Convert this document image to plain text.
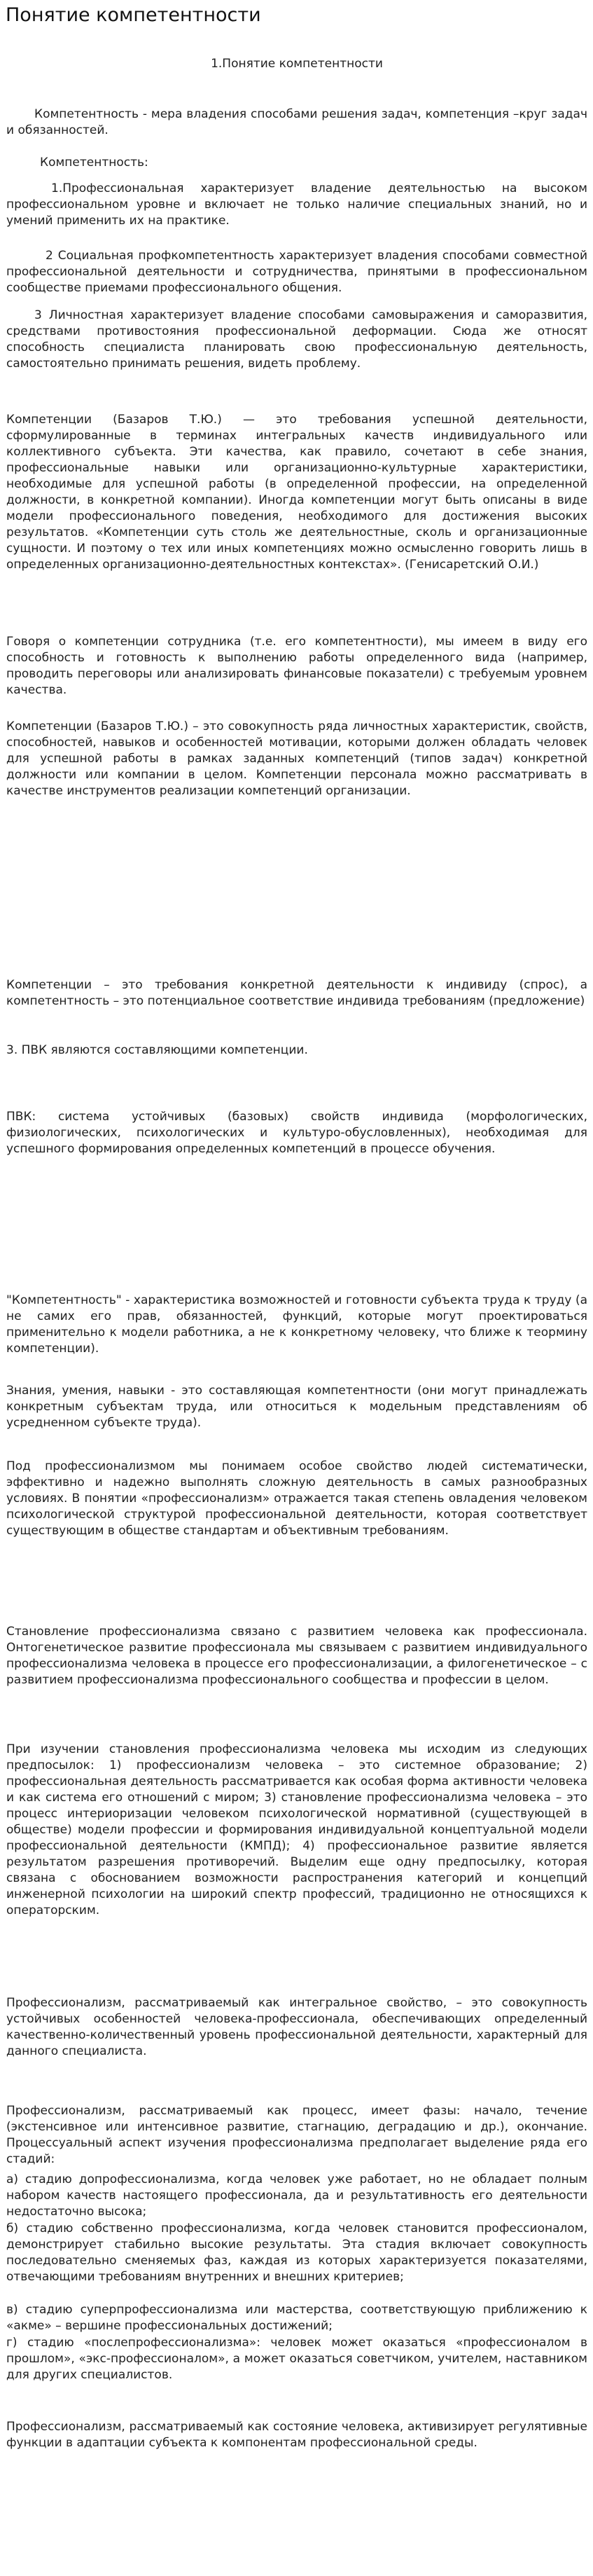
Понятие компетентности
1.Понятие компетентности
Компетентность - мера владения способами решения задач, компетенция –круг задач и обязанностей.
Компетентность:
1.Профессиональная характеризует владение деятельностью на высоком профессиональном уровне и включает не только наличие специальных знаний, но и умений применить их на практике.
2 Социальная профкомпетентность характеризует владения способами совместной профессиональной деятельности и сотрудничества, принятыми в профессиональном сообществе приемами профессионального общения.
3 Личностная характеризует владение способами самовыражения и саморазвития, средствами противостояния профессиональной деформации. Сюда же относят способность специалиста планировать свою профессиональную деятельность, самостоятельно принимать решения, видеть проблему.
Компетенции (Базаров Т.Ю.) — это требования успешной деятельности, сформулированные в терминах интегральных качеств индивидуального или коллективного субъекта. Эти качества, как правило, сочетают в себе знания, профессиональные навыки или организационно-культурные характеристики, необходимые для успешной работы (в определенной профессии, на определенной должности, в конкретной компании). Иногда компетенции могут быть описаны в виде модели профессионального поведения, необходимого для достижения высоких результатов. «Компетенции суть столь же деятельностные, сколь и организационные сущности. И поэтому о тех или иных компетенциях можно осмысленно говорить лишь в определенных организационно-деятельностных контекстах». (Генисаретский О.И.)
Говоря о компетенции сотрудника (т.е. его компетентности), мы имеем в виду его способность и готовность к выполнению работы определенного вида (например, проводить переговоры или анализировать финансовые показатели) с требуемым уровнем качества.
Компетенции (Базаров Т.Ю.) – это совокупность ряда личностных характеристик, свойств, способностей, навыков и особенностей мотивации, которыми должен обладать человек для успешной работы в рамках заданных компетенций (типов задач) конкретной должности или компании в целом. Компетенции персонала можно рассматривать в качестве инструментов реализации компетенций организации.
Компетенции – это требования конкретной деятельности к индивиду (спрос), а компетентность – это потенциальное соответствие индивида требованиям (предложение)
3. ПВК являются составляющими компетенции.
ПВК: система устойчивых (базовых) свойств индивида (морфологических, физиологических, психологических и культуро-обусловленных), необходимая для успешного формирования определенных компетенций в процессе обучения.
"Компетентность" - характеристика возможностей и готовности субъекта труда к труду (а не самих его прав, обязанностей, функций, которые могут проектироваться применительно к модели работника, а не к конкретному человеку, что ближе к теорминy компетенции).
Знания, умения, навыки - это составляющая компетентности (они могут принадлежать конкретным субъектам труда, или относиться к модельным представлениям об усредненном субъекте труда).
Под профессионализмом мы понимаем особое свойство людей систематически, эффективно и надежно выполнять сложную деятельность в самых разнообразных условиях. В понятии «профессионализм» отражается такая степень овладения человеком психологической структурой профессиональной деятельности, которая соответствует существующим в обществе стандартам и объективным требованиям.
Становление профессионализма связано с развитием человека как профессионала. Онтогенетическое развитие профессионала мы связываем с развитием индивидуального профессионализма человека в процессе его профессионализации, а филогенетическое – с развитием профессионализма профессионального сообщества и профессии в целом.
При изучении становления профессионализма человека мы исходим из следующих предпосылок: 1) профессионализм человека – это системное образование; 2) профессиональная деятельность рассматривается как особая форма активности человека и как система его отношений с миром; 3) становление профессионализма человека – это процесс интериоризации человеком психологической нормативной (существующей в обществе) модели профессии и формирования индивидуальной концептуальной модели профессиональной деятельности (КМПД); 4) профессиональное развитие является результатом разрешения противоречий. Выделим еще одну предпосылку, которая связана с обоснованием возможности распространения категорий и концепций инженерной психологии на широкий спектр профессий, традиционно не относящихся к операторским.
Профессионализм, рассматриваемый как интегральное свойство, – это совокупность устойчивых особенностей человека-профессионала, обеспечивающих определенный качественно-количественный уровень профессиональной деятельности, характерный для данного специалиста.
Профессионализм, рассматриваемый как процесс, имеет фазы: начало, течение (экстенсивное или интенсивное развитие, стагнацию, деградацию и др.), окончание. Процессуальный аспект изучения профессионализма предполагает выделение ряда его стадий:
а) стадию допрофессионализма, когда человек уже работает, но не обладает полным набором качеств настоящего профессионала, да и результативность его деятельности недостаточно высока;
б) стадию собственно профессионализма, когда человек становится профессионалом, демонстрирует стабильно высокие результаты. Эта стадия включает совокупность последовательно сменяемых фаз, каждая из которых характеризуется показателями, отвечающими требованиям внутренних и внешних критериев;
в) стадию суперпрофессионализма или мастерства, соответствующую приближению к «акме» – вершине профессиональных достижений;
г) стадию «послепрофессионализма»: человек может оказаться «профессионалом в прошлом», «экс-профессионалом», а может оказаться советчиком, учителем, наставником для других специалистов.
Профессионализм, рассматриваемый как состояние человека, активизирует регулятивные функции в адаптации субъекта к компонентам профессиональной среды.
